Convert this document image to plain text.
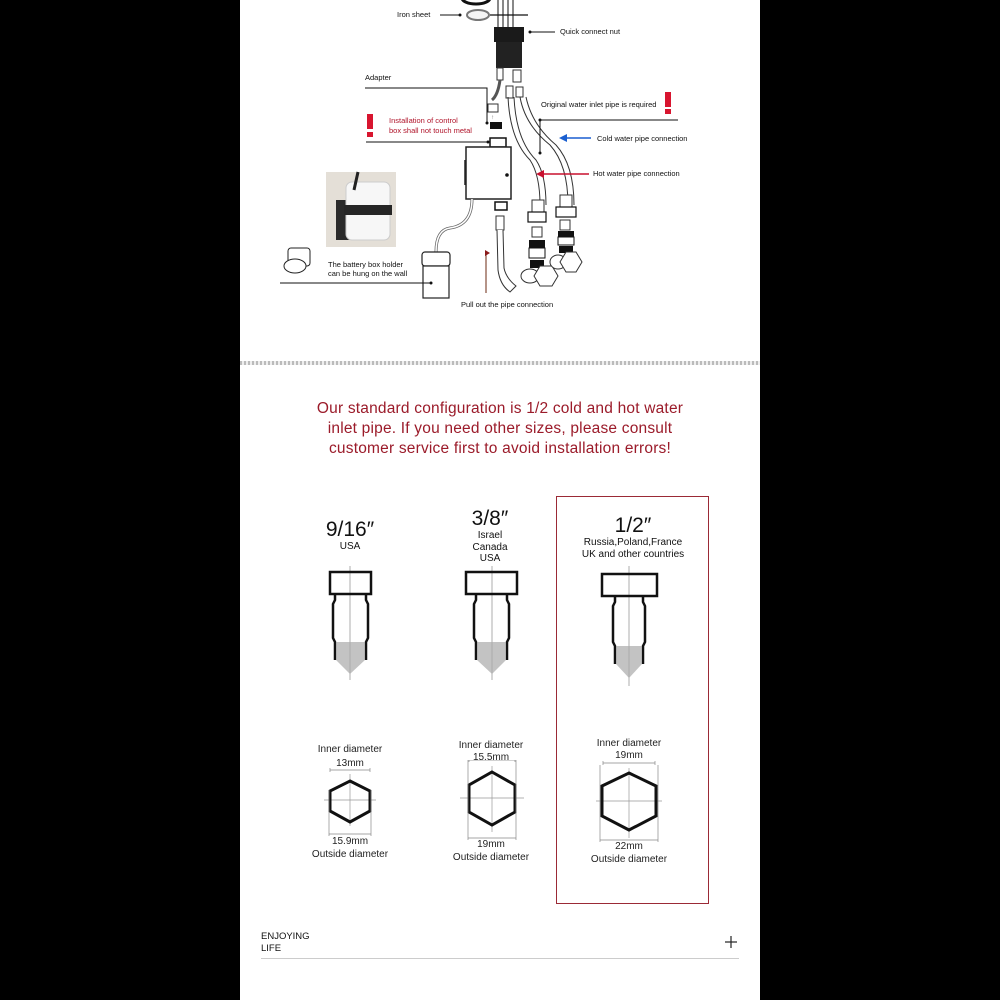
↑
Iron sheet
Quick connect nut
Adapter
Installation of control
box shall not touch metal
Original water inlet pipe is required
Cold water pipe connection
Hot water pipe connection
The battery box holder
can be hung on the wall
Pull out the pipe connection
Our standard configuration is 1/2 cold and hot water
inlet pipe. If you need other sizes, please consult
customer service first to avoid installation errors!
9/16″
USA
3/8″
Israel
Canada
USA
1/2″
Russia,Poland,France
UK and other countries
Inner diameter
13mm
15.9mm
Outside diameter
Inner diameter
15.5mm
19mm
Outside diameter
Inner diameter
19mm
22mm
Outside diameter
ENJOYING
LIFE
